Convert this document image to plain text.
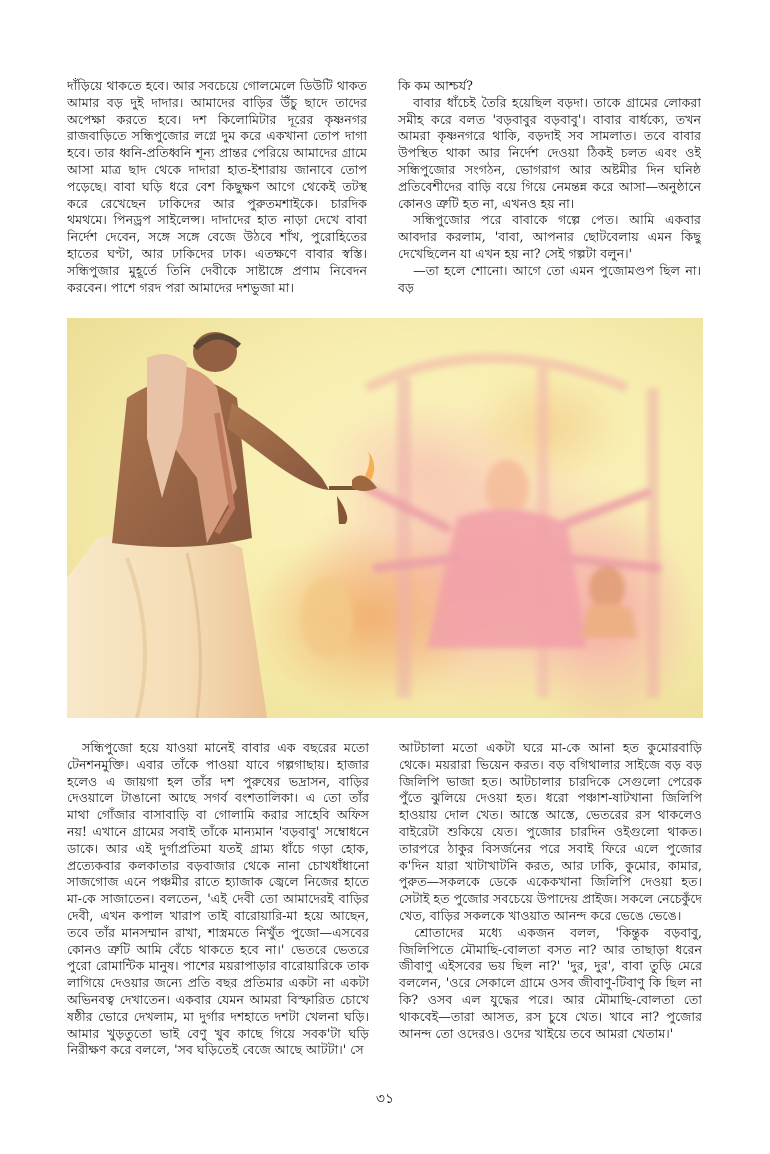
দাঁড়িয়ে থাকতে হবে। আর সবচেয়ে গোলমেলে ডিউটি থাকত আমার বড় দুই দাদার। আমাদের বাড়ির উঁচু ছাদে তাদের অপেক্ষা করতে হবে। দশ কিলোমিটার দূরের কৃষ্ণনগর রাজবাড়িতে সন্ধিপুজোর লগ্নে দুম করে একখানা তোপ দাগা হবে। তার ধ্বনি-প্রতিধ্বনি শূন্য প্রান্তর পেরিয়ে আমাদের গ্রামে আসা মাত্র ছাদ থেকে দাদারা হাত-ইশারায় জানাবে তোপ পড়েছে। বাবা ঘড়ি ধরে বেশ কিছুক্ষণ আগে থেকেই তটস্থ করে রেখেছেন ঢাকিদের আর পুরুতমশাইকে। চারদিক থমথমে। পিনড্রপ সাইলেন্স। দাদাদের হাত নাড়া দেখে বাবা নির্দেশ দেবেন, সঙ্গে সঙ্গে বেজে উঠবে শাঁখ, পুরোহিতের হাতের ঘণ্টা, আর ঢাকিদের ঢাক। এতক্ষণে বাবার স্বস্তি। সন্ধিপুজার মুহূর্তে তিনি দেবীকে সাষ্টাঙ্গে প্রণাম নিবেদন করবেন। পাশে গরদ পরা আমাদের দশভুজা মা।

কি কম আশ্চর্য?

বাবার ধাঁচেই তৈরি হয়েছিল বড়দা। তাকে গ্রামের লোকরা সমীহ করে বলত 'বড়বাবুর বড়বাবু'। বাবার বার্ধক্যে, তখন আমরা কৃষ্ণনগরে থাকি, বড়দাই সব সামলাত। তবে বাবার উপস্থিত থাকা আর নির্দেশ দেওয়া ঠিকই চলত এবং ওই সন্ধিপুজোর সংগঠন, ভোগরাগ আর অষ্টমীর দিন ঘনিষ্ঠ প্রতিবেশীদের বাড়ি বয়ে গিয়ে নেমন্তন্ন করে আসা—অনুষ্ঠানে কোনও ত্রুটি হত না, এখনও হয় না।

সন্ধিপুজোর পরে বাবাকে গল্পে পেত। আমি একবার আবদার করলাম, 'বাবা, আপনার ছোটবেলায় এমন কিছু দেখেছিলেন যা এখন হয় না? সেই গল্পটা বলুন।'

—তা হলে শোনো। আগে তো এমন পুজোমণ্ডপ ছিল না। বড়

সন্ধিপুজো হয়ে যাওয়া মানেই বাবার এক বছরের মতো টেনশনমুক্তি। এবার তাঁকে পাওয়া যাবে গল্পগাছায়। হাজার হলেও এ জায়গা হল তাঁর দশ পুরুষের ভদ্রাসন, বাড়ির দেওয়ালে টাঙানো আছে সগর্ব বংশতালিকা। এ তো তাঁর মাথা গোঁজার বাসাবাড়ি বা গোলামি করার সাহেবি অফিস নয়! এখানে গ্রামের সবাই তাঁকে মান্যমান 'বড়বাবু' সম্বোধনে ডাকে। আর এই দুর্গাপ্রতিমা যতই গ্রাম্য ধাঁচে গড়া হোক, প্রত্যেকবার কলকাতার বড়বাজার থেকে নানা চোখধাঁধানো সাজগোজ এনে পঞ্চমীর রাতে হ্যাজাক জ্বেলে নিজের হাতে মা-কে সাজাতেন। বলতেন, 'এই দেবী তো আমাদেরই বাড়ির দেবী, এখন কপাল খারাপ তাই বারোয়ারি-মা হয়ে আছেন, তবে তাঁর মানসম্মান রাখা, শাস্ত্রমতে নিখুঁত পুজো—এসবের কোনও ত্রুটি আমি বেঁচে থাকতে হবে না।' ভেতরে ভেতরে পুরো রোমান্টিক মানুষ। পাশের ময়রাপাড়ার বারোয়ারিকে তাক লাগিয়ে দেওয়ার জন্যে প্রতি বছর প্রতিমার একটা না একটা অভিনবত্ব দেখাতেন। একবার যেমন আমরা বিস্ফারিত চোখে ষষ্ঠীর ভোরে দেখলাম, মা দুর্গার দশহাতে দশটা খেলনা ঘড়ি। আমার খুড়তুতো ভাই বেণু খুব কাছে গিয়ে সবক'টা ঘড়ি নিরীক্ষণ করে বললে, 'সব ঘড়িতেই বেজে আছে আটটা।' সে

আটচালা মতো একটা ঘরে মা-কে আনা হত কুমোরবাড়ি থেকে। ময়রারা ভিয়েন করত। বড় বগিথালার সাইজে বড় বড় জিলিপি ভাজা হত। আটচালার চারদিকে সেগুলো পেরেক পুঁতে ঝুলিয়ে দেওয়া হত। ধরো পঞ্চাশ-ষাটখানা জিলিপি হাওয়ায় দোল খেত। আস্তে আস্তে, ভেতরের রস থাকলেও বাইরেটা শুকিয়ে যেত। পুজোর চারদিন ওইগুলো থাকত। তারপরে ঠাকুর বিসর্জনের পরে সবাই ফিরে এলে পুজোর ক'দিন যারা খাটাখাটনি করত, আর ঢাকি, কুমোর, কামার, পুরুত—সকলকে ডেকে একেকখানা জিলিপি দেওয়া হত। সেটাই হত পুজোর সবচেয়ে উপাদেয় প্রাইজ। সকলে নেচেকুঁদে খেত, বাড়ির সকলকে খাওয়াত আনন্দ করে ভেঙে ভেঙে।

শ্রোতাদের মধ্যে একজন বলল, 'কিন্তুক বড়বাবু, জিলিপিতে মৌমাছি-বোলতা বসত না? আর তাছাড়া ধরেন জীবাণু এইসবের ভয় ছিল না?' 'দুর, দুর', বাবা তুড়ি মেরে বললেন, 'ওরে সেকালে গ্রামে ওসব জীবাণু-টিবাণু কি ছিল না কি? ওসব এল যুদ্ধের পরে। আর মৌমাছি-বোলতা তো থাকবেই—তারা আসত, রস চুষে খেত। খাবে না? পুজোর আনন্দ তো ওদেরও। ওদের খাইয়ে তবে আমরা খেতাম।'

৩১
